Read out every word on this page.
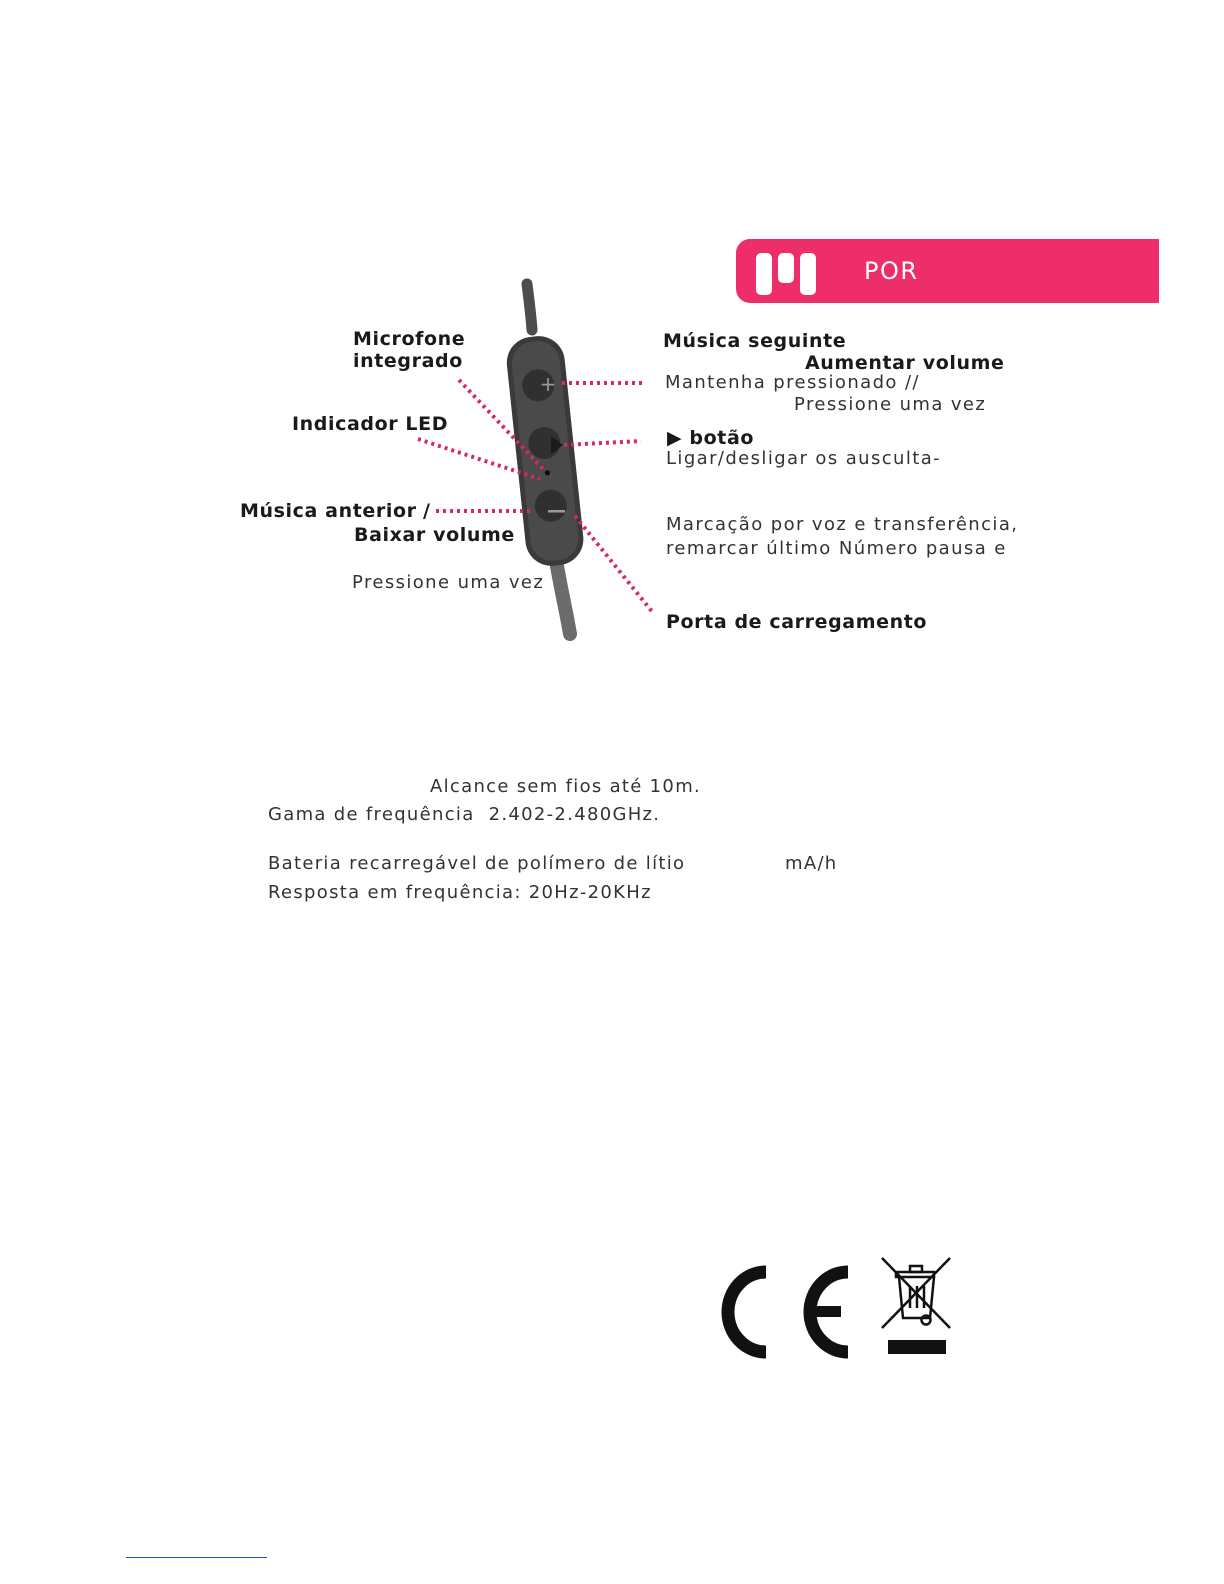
POR
+
Microfone
integrado
Indicador LED
Música anterior /
Baixar volume
Pressione uma vez
Música seguinte
Aumentar volume
Mantenha pressionado //
Pressione uma vez
▶ botão
Ligar/desligar os ausculta-
Marcação por voz e transferência,
remarcar último Número pausa e
Porta de carregamento
Alcance sem fios até 10m.
Gama de frequência  2.402-2.480GHz.
Bateria recarregável de polímero de lítio	mA/h
Resposta em frequência: 20Hz-20KHz
